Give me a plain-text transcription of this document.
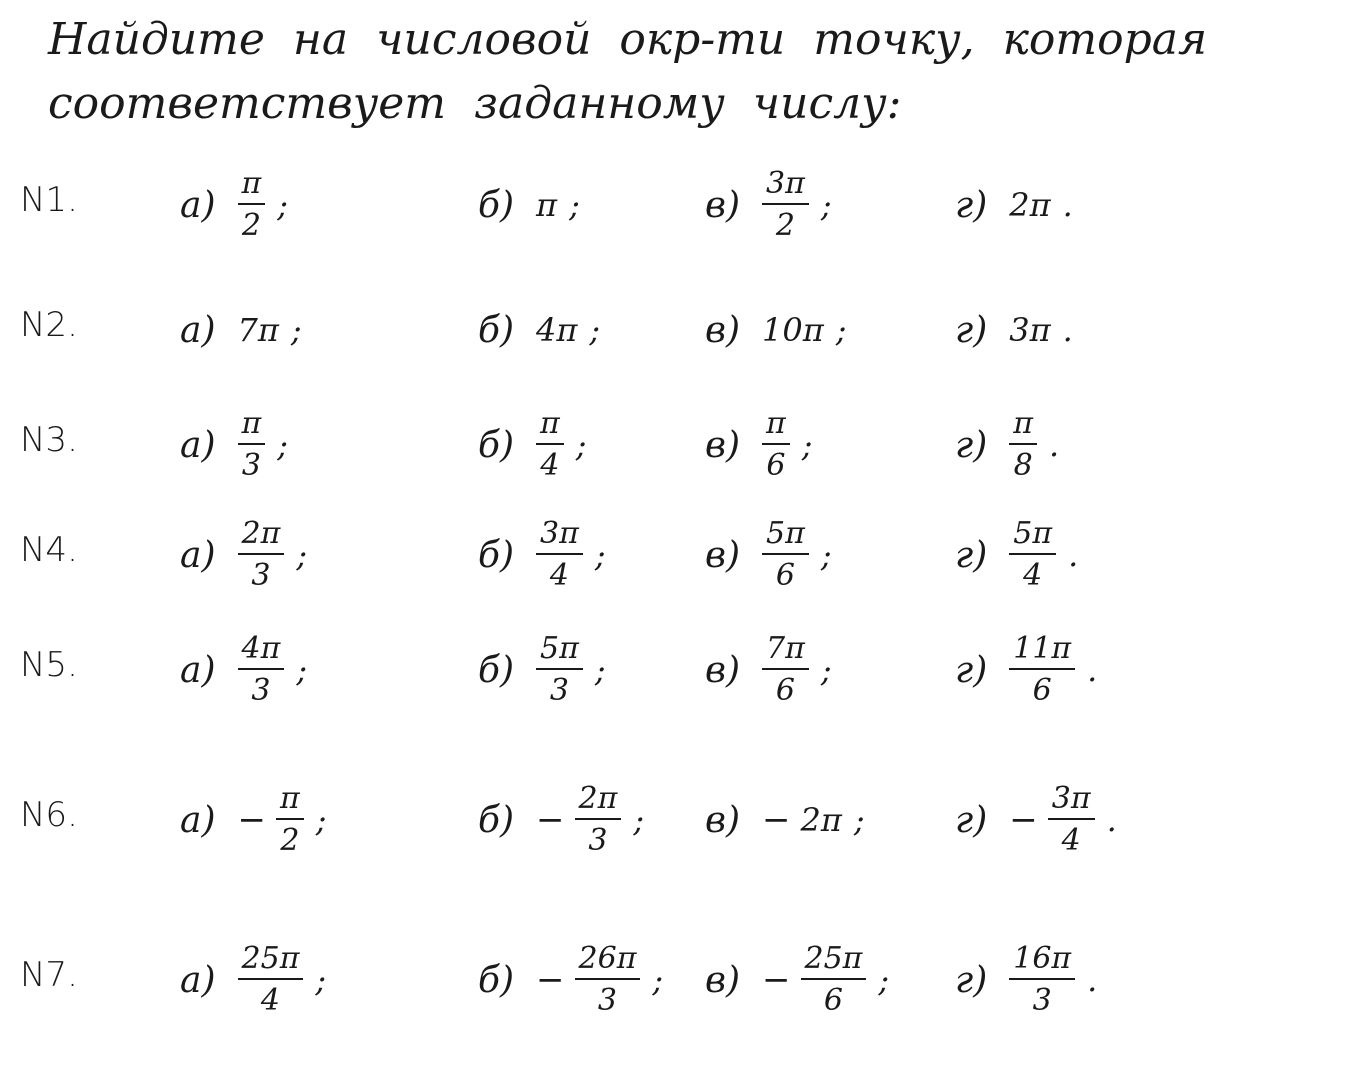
Найдите на числовой окр-ти точку, которая соответствует заданному числу:
N1.	$а) \frac{\pi}{2}$ ;	б) π ;	$в) \frac{3\pi}{2}$ ;	г) 2π .
N2.	а) 7π ;	б) 4π ;	в) 10π ;	г) 3π .
N3.	$а) \frac{\pi}{3}$ ;	$б) \frac{\pi}{4}$ ;	$в) \frac{\pi}{6}$ ;	$г) \frac{\pi}{8}$ .
N4.	$а) \frac{2\pi}{3}$ ;	$б) \frac{3\pi}{4}$ ;	$в) \frac{5\pi}{6}$ ;	$г) \frac{5\pi}{4}$ .
N5.	$а) \frac{4\pi}{3}$ ;	$б) \frac{5\pi}{3}$ ;	$в) \frac{7\pi}{6}$ ;	$г) \frac{11\pi}{6}$ .
N6.	$а) - \frac{\pi}{2}$ ;	$б) - \frac{2\pi}{3}$ ; в) − 2π ;	$г) - \frac{3\pi}{4}$ .
N7.	$а) \frac{25\pi}{4}$ ;	$б) - \frac{26\pi}{3}$ ; $в) - \frac{25\pi}{6}$ ; $г) \frac{16\pi}{3}$ .
